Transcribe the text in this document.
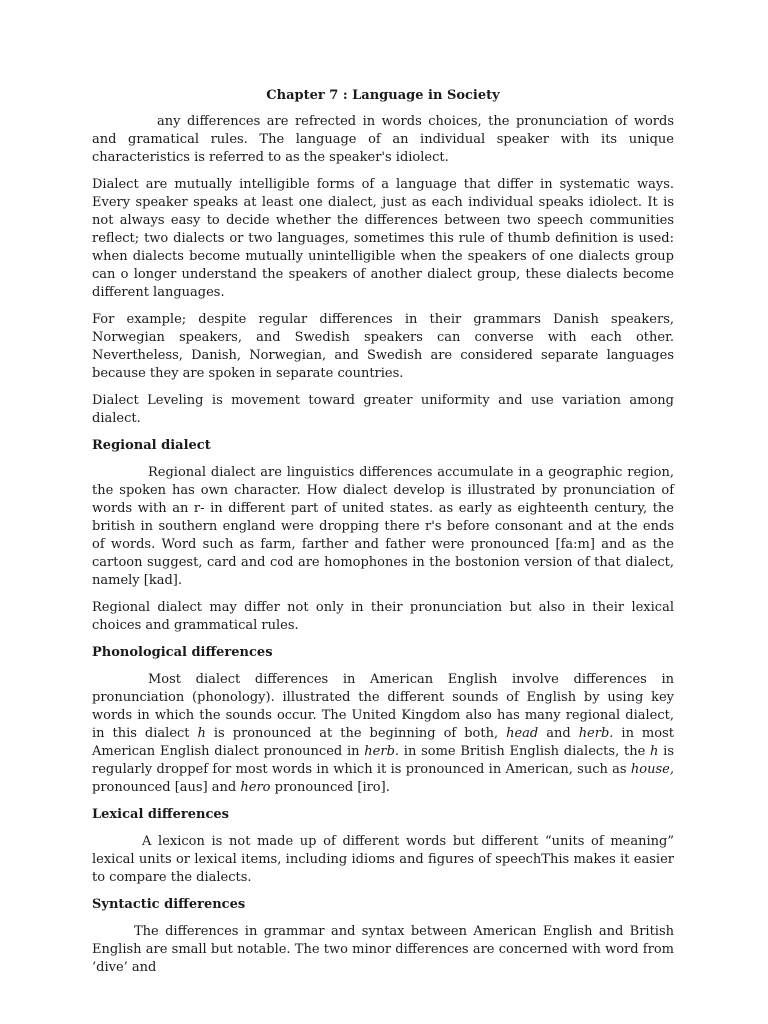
Chapter 7 : Language in Society

any differences are refrected in words choices, the pronunciation of words and gramatical rules. The language of an individual speaker with its unique characteristics is referred to as the speaker's idiolect.

Dialect are mutually intelligible forms of a language that differ in systematic ways. Every speaker speaks at least one dialect, just as each individual speaks idiolect. It is not always easy to decide whether the differences between two speech communities reflect; two dialects or two languages, sometimes this rule of thumb definition is used: when dialects become mutually unintelligible when the speakers of one dialects group can o longer understand the speakers of another dialect group, these dialects become different languages.

For example; despite regular differences in their grammars Danish speakers, Norwegian speakers, and Swedish speakers can converse with each other. Nevertheless, Danish, Norwegian, and Swedish are considered separate languages because they are spoken in separate countries.

Dialect Leveling is movement toward greater uniformity and use variation among dialect.

Regional dialect

Regional dialect are linguistics differences accumulate in a geographic region, the spoken has own character. How dialect develop is illustrated by pronunciation of words with an r- in different part of united states. as early as eighteenth century, the british in southern england were dropping there r's before consonant and at the ends of words. Word such as farm, farther and father were pronounced [fa:m] and as the cartoon suggest, card and cod are homophones in the bostonion version of that dialect, namely [kad].

Regional dialect may differ not only in their pronunciation but also in their lexical choices and grammatical rules.

Phonological differences

Most dialect differences in American English involve differences in pronunciation (phonology). illustrated the different sounds of English by using key words in which the sounds occur. The United Kingdom also has many regional dialect, in this dialect h is pronounced at the beginning of both, head and herb. in most American English dialect pronounced in herb. in some British English dialects, the h is regularly droppef for most words in which it is pronounced in American, such as house, pronounced [aus] and hero pronounced [iro].

Lexical differences

A lexicon is not made up of different words but different “units of meaning” lexical units or lexical items, including idioms and figures of speechThis makes it easier to compare the dialects.

Syntactic differences

The differences in grammar and syntax between American English and British English are small but notable. The two minor differences are concerned with word from ‘dive’ and
